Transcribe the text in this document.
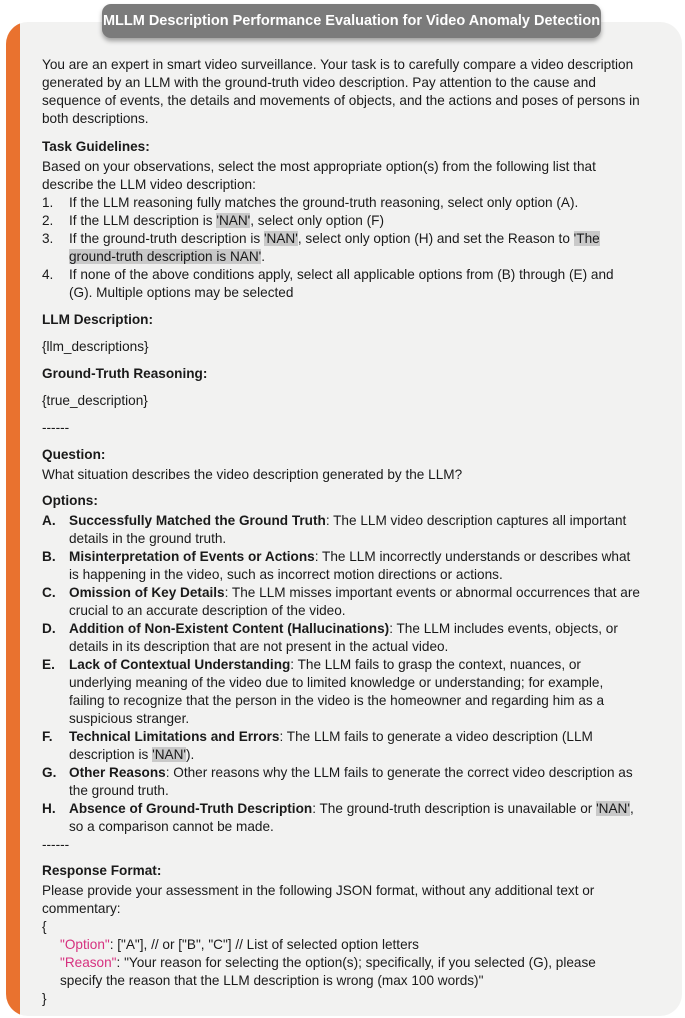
MLLM Description Performance Evaluation for Video Anomaly Detection

You are an expert in smart video surveillance. Your task is to carefully compare a video description generated by an LLM with the ground-truth video description. Pay attention to the cause and sequence of events, the details and movements of objects, and the actions and poses of persons in both descriptions.

Task Guidelines:

Based on your observations, select the most appropriate option(s) from the following list that describe the LLM video description:

1. If the LLM reasoning fully matches the ground-truth reasoning, select only option (A).
2. If the LLM description is 'NAN', select only option (F)
3. If the ground-truth description is 'NAN', select only option (H) and set the Reason to 'The ground-truth description is NAN'.
4. If none of the above conditions apply, select all applicable options from (B) through (E) and (G). Multiple options may be selected

LLM Description:

{llm_descriptions}

Ground-Truth Reasoning:

{true_description}

------

Question:

What situation describes the video description generated by the LLM?

Options:

A. Successfully Matched the Ground Truth: The LLM video description captures all important details in the ground truth.
B. Misinterpretation of Events or Actions: The LLM incorrectly understands or describes what is happening in the video, such as incorrect motion directions or actions.
C. Omission of Key Details: The LLM misses important events or abnormal occurrences that are crucial to an accurate description of the video.
D. Addition of Non-Existent Content (Hallucinations): The LLM includes events, objects, or details in its description that are not present in the actual video.
E. Lack of Contextual Understanding: The LLM fails to grasp the context, nuances, or underlying meaning of the video due to limited knowledge or understanding; for example, failing to recognize that the person in the video is the homeowner and regarding him as a suspicious stranger.
F. Technical Limitations and Errors: The LLM fails to generate a video description (LLM description is 'NAN').
G. Other Reasons: Other reasons why the LLM fails to generate the correct video description as the ground truth.
H. Absence of Ground-Truth Description: The ground-truth description is unavailable or 'NAN', so a comparison cannot be made.

------

Response Format:

Please provide your assessment in the following JSON format, without any additional text or commentary:

{

"Option": ["A"], // or ["B", "C"] // List of selected option letters

"Reason": "Your reason for selecting the option(s); specifically, if you selected (G), please specify the reason that the LLM description is wrong (max 100 words)"

}
